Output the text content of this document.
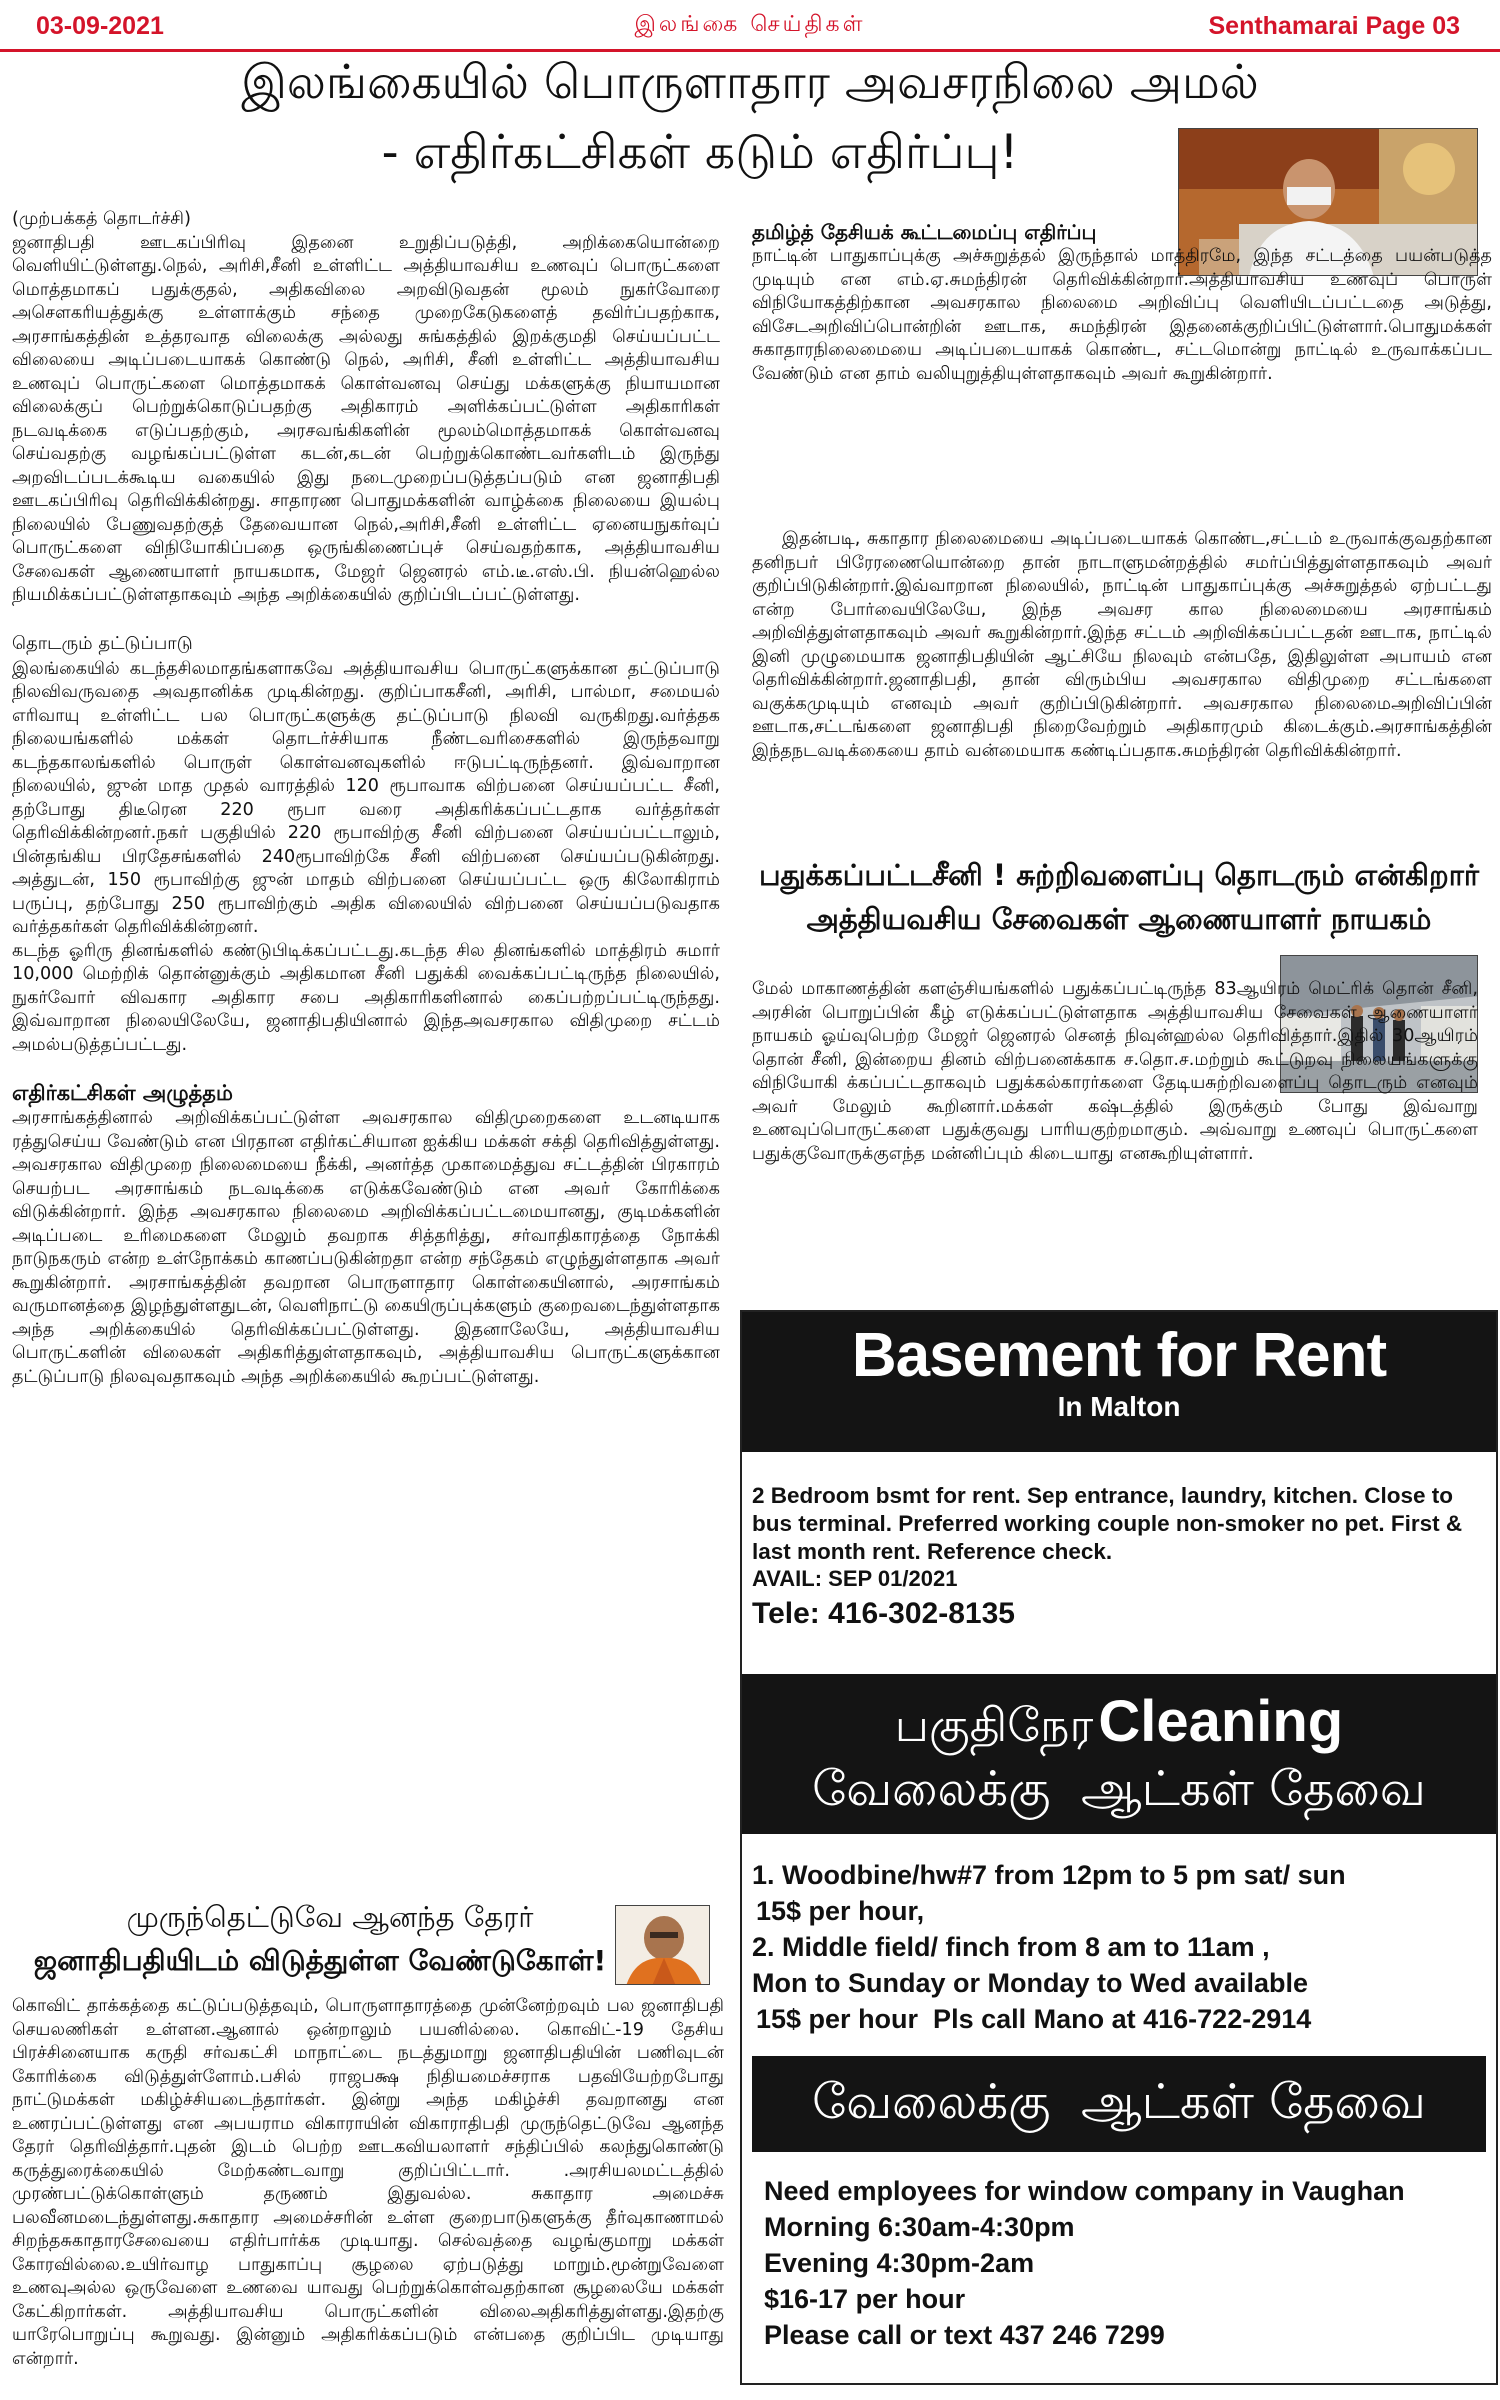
03-09-2021	இலங்கை செய்திகள்	Senthamarai Page 03
இலங்கையில் பொருளாதார அவசரநிலை அமல்
- எதிர்கட்சிகள் கடும் எதிர்ப்பு!

(முற்பக்கத் தொடர்ச்சி)

ஜனாதிபதி ஊடகப்பிரிவு இதனை உறுதிப்படுத்தி, அறிக்கையொன்றை வெளியிட்டுள்ளது.நெல், அரிசி,சீனி உள்ளிட்ட அத்தியாவசிய உணவுப் பொருட்களை மொத்தமாகப் பதுக்குதல், அதிகவிலை அறவிடுவதன் மூலம் நுகர்வோரை அசௌகரியத்துக்கு உள்ளாக்கும் சந்தை முறைகேடுகளைத் தவிர்ப்பதற்காக, அரசாங்கத்தின் உத்தரவாத விலைக்கு அல்லது சுங்கத்தில் இறக்குமதி செய்யப்பட்ட விலையை அடிப்படையாகக் கொண்டு நெல், அரிசி, சீனி உள்ளிட்ட அத்தியாவசிய உணவுப் பொருட்களை மொத்தமாகக் கொள்வனவு செய்து மக்களுக்கு நியாயமான விலைக்குப் பெற்றுக்கொடுப்பதற்கு அதிகாரம் அளிக்கப்பட்டுள்ள அதிகாரிகள் நடவடிக்கை எடுப்பதற்கும், அரசவங்கிகளின் மூலம்மொத்தமாகக் கொள்வனவு செய்வதற்கு வழங்கப்பட்டுள்ள கடன்,கடன் பெற்றுக்கொண்டவர்களிடம் இருந்து அறவிடப்படக்கூடிய வகையில் இது நடைமுறைப்படுத்தப்படும் என ஜனாதிபதி ஊடகப்பிரிவு தெரிவிக்கின்றது. சாதாரண பொதுமக்களின் வாழ்க்கை நிலையை இயல்பு நிலையில் பேணுவதற்குத் தேவையான நெல்,அரிசி,சீனி உள்ளிட்ட ஏனையநுகர்வுப் பொருட்களை விநியோகிப்பதை ஒருங்கிணைப்புச் செய்வதற்காக, அத்தியாவசிய சேவைகள் ஆணையாளர் நாயகமாக, மேஜர் ஜெனரல் எம்.டீ.எஸ்.பி. நியன்ஹெல்ல நியமிக்கப்பட்டுள்ளதாகவும் அந்த அறிக்கையில் குறிப்பிடப்பட்டுள்ளது.

தொடரும் தட்டுப்பாடு

இலங்கையில் கடந்தசிலமாதங்களாகவே அத்தியாவசிய பொருட்களுக்கான தட்டுப்பாடு நிலவிவருவதை அவதானிக்க முடிகின்றது. குறிப்பாகசீனி, அரிசி, பால்மா, சமையல் எரிவாயு உள்ளிட்ட பல பொருட்களுக்கு தட்டுப்பாடு நிலவி வருகிறது.வர்த்தக நிலையங்களில் மக்கள் தொடர்ச்சியாக நீண்டவரிசைகளில் இருந்தவாறு கடந்தகாலங்களில் பொருள் கொள்வனவுகளில் ஈடுபட்டிருந்தனர். இவ்வாறான நிலையில், ஜுன் மாத முதல் வாரத்தில் 120 ரூபாவாக விற்பனை செய்யப்பட்ட சீனி, தற்போது திடீரென 220 ரூபா வரை அதிகரிக்கப்பட்டதாக வர்த்தர்கள் தெரிவிக்கின்றனர்.நகர் பகுதியில் 220 ரூபாவிற்கு சீனி விற்பனை செய்யப்பட்டாலும், பின்தங்கிய பிரதேசங்களில் 240ரூபாவிற்கே சீனி விற்பனை செய்யப்படுகின்றது. அத்துடன், 150 ரூபாவிற்கு ஜுன் மாதம் விற்பனை செய்யப்பட்ட ஒரு கிலோகிராம் பருப்பு, தற்போது 250 ரூபாவிற்கும் அதிக விலையில் விற்பனை செய்யப்படுவதாக வர்த்தகர்கள் தெரிவிக்கின்றனர்.

கடந்த ஓரிரு தினங்களில் கண்டுபிடிக்கப்பட்டது.கடந்த சில தினங்களில் மாத்திரம் சுமார் 10,000 மெற்றிக் தொன்னுக்கும் அதிகமான சீனி பதுக்கி வைக்கப்பட்டிருந்த நிலையில், நுகர்வோர் விவகார அதிகார சபை அதிகாரிகளினால் கைப்பற்றப்பட்டிருந்தது. இவ்வாறான நிலையிலேயே, ஜனாதிபதியினால் இந்தஅவசரகால விதிமுறை சட்டம் அமல்படுத்தப்பட்டது.

எதிர்கட்சிகள் அழுத்தம்

அரசாங்கத்தினால் அறிவிக்கப்பட்டுள்ள அவசரகால விதிமுறைகளை உடனடியாக ரத்துசெய்ய வேண்டும் என பிரதான எதிர்கட்சியான ஐக்கிய மக்கள் சக்தி தெரிவித்துள்ளது. அவசரகால விதிமுறை நிலைமையை நீக்கி, அனர்த்த முகாமைத்துவ சட்டத்தின் பிரகாரம் செயற்பட அரசாங்கம் நடவடிக்கை எடுக்கவேண்டும் என அவர் கோரிக்கை விடுக்கின்றார். இந்த அவசரகால நிலைமை அறிவிக்கப்பட்டமையானது, குடிமக்களின் அடிப்படை உரிமைகளை மேலும் தவறாக சித்தரித்து, சர்வாதிகாரத்தை நோக்கி நாடுநகரும் என்ற உள்நோக்கம் காணப்படுகின்றதா என்ற சந்தேகம் எழுந்துள்ளதாக அவர் கூறுகின்றார். அரசாங்கத்தின் தவறான பொருளாதார கொள்கையினால், அரசாங்கம் வருமானத்தை இழந்துள்ளதுடன், வெளிநாட்டு கையிருப்புக்களும் குறைவடைந்துள்ளதாக அந்த அறிக்கையில் தெரிவிக்கப்பட்டுள்ளது. இதனாலேயே, அத்தியாவசிய பொருட்களின் விலைகள் அதிகரித்துள்ளதாகவும், அத்தியாவசிய பொருட்களுக்கான தட்டுப்பாடு நிலவுவதாகவும் அந்த அறிக்கையில் கூறப்பட்டுள்ளது.

முருந்தெட்டுவே ஆனந்த தேரர்
ஜனாதிபதியிடம் விடுத்துள்ள வேண்டுகோள்!
கொவிட் தாக்கத்தை கட்டுப்படுத்தவும், பொருளாதாரத்தை முன்னேற்றவும் பல ஜனாதிபதி செயலணிகள் உள்ளன.ஆனால் ஒன்றாலும் பயனில்லை. கொவிட்-19 தேசிய பிரச்சினையாக கருதி சர்வகட்சி மாநாட்டை நடத்துமாறு ஜனாதிபதியின் பணிவுடன் கோரிக்கை விடுத்துள்ளோம்.பசில் ராஜபக்ஷ நிதியமைச்சராக பதவியேற்றபோது நாட்டுமக்கள் மகிழ்ச்சியடைந்தார்கள். இன்று அந்த மகிழ்ச்சி தவறானது என உணரப்பட்டுள்ளது என அபயராம விகாராயின் விகாராதிபதி முருந்தெட்டுவே ஆனந்த தேரர் தெரிவித்தார்.புதன் இடம் பெற்ற ஊடகவியலாளர் சந்திப்பில் கலந்துகொண்டு கருத்துரைக்கையில் மேற்கண்டவாறு குறிப்பிட்டார். .அரசியலமட்டத்தில் முரண்பட்டுக்கொள்ளும் தருணம் இதுவல்ல. சுகாதார அமைச்சு பலவீனமடைந்துள்ளது.சுகாதார அமைச்சரின் உள்ள குறைபாடுகளுக்கு தீர்வுகாணாமல் சிறந்தசுகாதாரசேவையை எதிர்பார்க்க முடியாது. செல்வத்தை வழங்குமாறு மக்கள் கோரவில்லை.உயிர்வாழ பாதுகாப்பு சூழலை ஏற்படுத்து மாறும்.மூன்றுவேளை உணவுஅல்ல ஒருவேளை உணவை யாவது பெற்றுக்கொள்வதற்கான சூழலையே மக்கள் கேட்கிறார்கள். அத்தியாவசிய பொருட்களின் விலைஅதிகரித்துள்ளது.இதற்கு யாரேபொறுப்பு கூறுவது. இன்னும் அதிகரிக்கப்படும் என்பதை குறிப்பிட முடியாது என்றார்.
தமிழ்த் தேசியக் கூட்டமைப்பு எதிர்ப்பு
நாட்டின் பாதுகாப்புக்கு அச்சுறுத்தல் இருந்தால் மாத்திரமே, இந்த சட்டத்தை பயன்படுத்த முடியும் என எம்.ஏ.சுமந்திரன் தெரிவிக்கின்றார்.அத்தியாவசிய உணவுப் பொருள் விநியோகத்திற்கான அவசரகால நிலைமை அறிவிப்பு வெளியிடப்பட்டதை அடுத்து, விசேடஅறிவிப்பொன்றின் ஊடாக, சுமந்திரன் இதனைக்குறிப்பிட்டுள்ளார்.பொதுமக்கள் சுகாதாரநிலைமையை அடிப்படையாகக் கொண்ட, சட்டமொன்று நாட்டில் உருவாக்கப்பட வேண்டும் என தாம் வலியுறுத்தியுள்ளதாகவும் அவர் கூறுகின்றார்.
இதன்படி, சுகாதார நிலைமையை அடிப்படையாகக் கொண்ட,சட்டம் உருவாக்குவதற்கான தனிநபர் பிரேரணையொன்றை தான் நாடாளுமன்றத்தில் சமர்ப்பித்துள்ளதாகவும் அவர் குறிப்பிடுகின்றார்.இவ்வாறான நிலையில், நாட்டின் பாதுகாப்புக்கு அச்சுறுத்தல் ஏற்பட்டது என்ற போர்வையிலேயே, இந்த அவசர கால நிலைமையை அரசாங்கம் அறிவித்துள்ளதாகவும் அவர் கூறுகின்றார்.இந்த சட்டம் அறிவிக்கப்பட்டதன் ஊடாக, நாட்டில் இனி முழுமையாக ஜனாதிபதியின் ஆட்சியே நிலவும் என்பதே, இதிலுள்ள அபாயம் என தெரிவிக்கின்றார்.ஜனாதிபதி, தான் விரும்பிய அவசரகால விதிமுறை சட்டங்களை வகுக்கமுடியும் எனவும் அவர் குறிப்பிடுகின்றார். அவசரகால நிலைமைஅறிவிப்பின் ஊடாக,சட்டங்களை ஜனாதிபதி நிறைவேற்றும் அதிகாரமும் கிடைக்கும்.அரசாங்கத்தின் இந்தநடவடிக்கையை தாம் வன்மையாக கண்டிப்பதாக.சுமந்திரன் தெரிவிக்கின்றார்.
பதுக்கப்பட்டசீனி ! சுற்றிவளைப்பு தொடரும் என்கிறார்
அத்தியவசிய சேவைகள் ஆணையாளர் நாயகம்
மேல் மாகாணத்தின் களஞ்சியங்களில் பதுக்கப்பட்டிருந்த 83ஆயிரம் மெட்ரிக் தொன் சீனி, அரசின் பொறுப்பின் கீழ் எடுக்கப்பட்டுள்ளதாக அத்தியாவசிய சேவைகள் ஆணையாளர் நாயகம் ஓய்வுபெற்ற மேஜர் ஜெனரல் செனத் நிவுன்ஹல்ல தெரிவித்தார்.இதில் 30ஆயிரம் தொன் சீனி, இன்றைய தினம் விற்பனைக்காக ச.தொ.ச.மற்றும் கூட்டுறவு நிலையங்களுக்கு விநியோகி க்கப்பட்டதாகவும் பதுக்கல்காரர்களை தேடியசுற்றிவளைப்பு தொடரும் எனவும் அவர் மேலும் கூறினார்.மக்கள் கஷ்டத்தில் இருக்கும் போது இவ்வாறு உணவுப்பொருட்களை பதுக்குவது பாரியகுற்றமாகும். அவ்வாறு உணவுப் பொருட்களை பதுக்குவோருக்குஎந்த மன்னிப்பும் கிடையாது எனகூறியுள்ளார்.
Basement for Rent
In Malton
2 Bedroom bsmt for rent. Sep entrance, laundry, kitchen. Close to bus terminal. Preferred working couple non-smoker no pet. First & last month rent. Reference check.
AVAIL: SEP 01/2021
Tele: 416-302-8135
பகுதிநேர Cleaning
வேலைக்கு  ஆட்கள் தேவை
1. Woodbine/hw#7 from 12pm to 5 pm sat/ sun
15$ per hour,
2. Middle field/ finch from 8 am to 11am ,
Mon to Sunday or Monday to Wed available
15$ per hour  Pls call Mano at 416-722-2914
வேலைக்கு  ஆட்கள் தேவை
Need employees for window company in Vaughan
Morning 6:30am-4:30pm
Evening 4:30pm-2am
$16-17 per hour
Please call or text 437 246 7299
